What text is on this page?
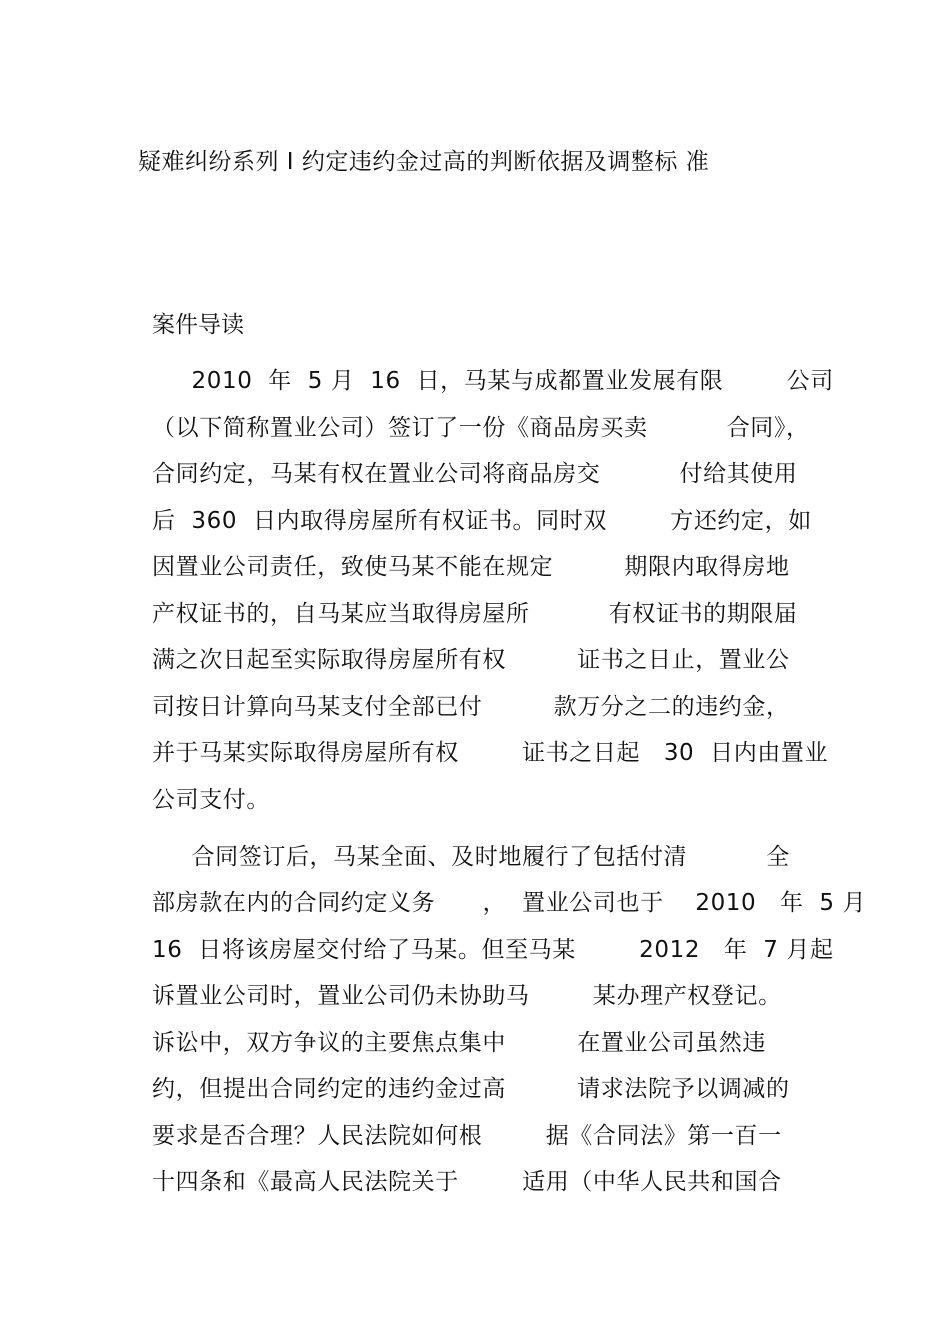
疑难纠纷系列 I 约定违约金过高的判断依据及调整标 准
案件导读
2010  年  5 月  16  日，马某与成都置业发展有限        公司
（以下简称置业公司）签订了一份《商品房买卖          合同》，
合同约定，马某有权在置业公司将商品房交          付给其使用
后  360  日内取得房屋所有权证书。同时双        方还约定，如
因置业公司责任，致使马某不能在规定         期限内取得房地
产权证书的，自马某应当取得房屋所          有权证书的期限届
满之次日起至实际取得房屋所有权         证书之日止，置业公
司按日计算向马某支付全部已付         款万分之二的违约金，
并于马某实际取得房屋所有权        证书之日起   30  日内由置业
公司支付。
合同签订后，马某全面、及时地履行了包括付清          全
部房款在内的合同约定义务      ，  置业公司也于    2010   年  5 月
16  日将该房屋交付给了马某。但至马某        2012   年  7 月起
诉置业公司时，置业公司仍未协助马        某办理产权登记。
诉讼中，双方争议的主要焦点集中         在置业公司虽然违
约，但提出合同约定的违约金过高         请求法院予以调减的
要求是否合理？人民法院如何根        据《合同法》第一百一
十四条和《最高人民法院关于        适用（中华人民共和国合
